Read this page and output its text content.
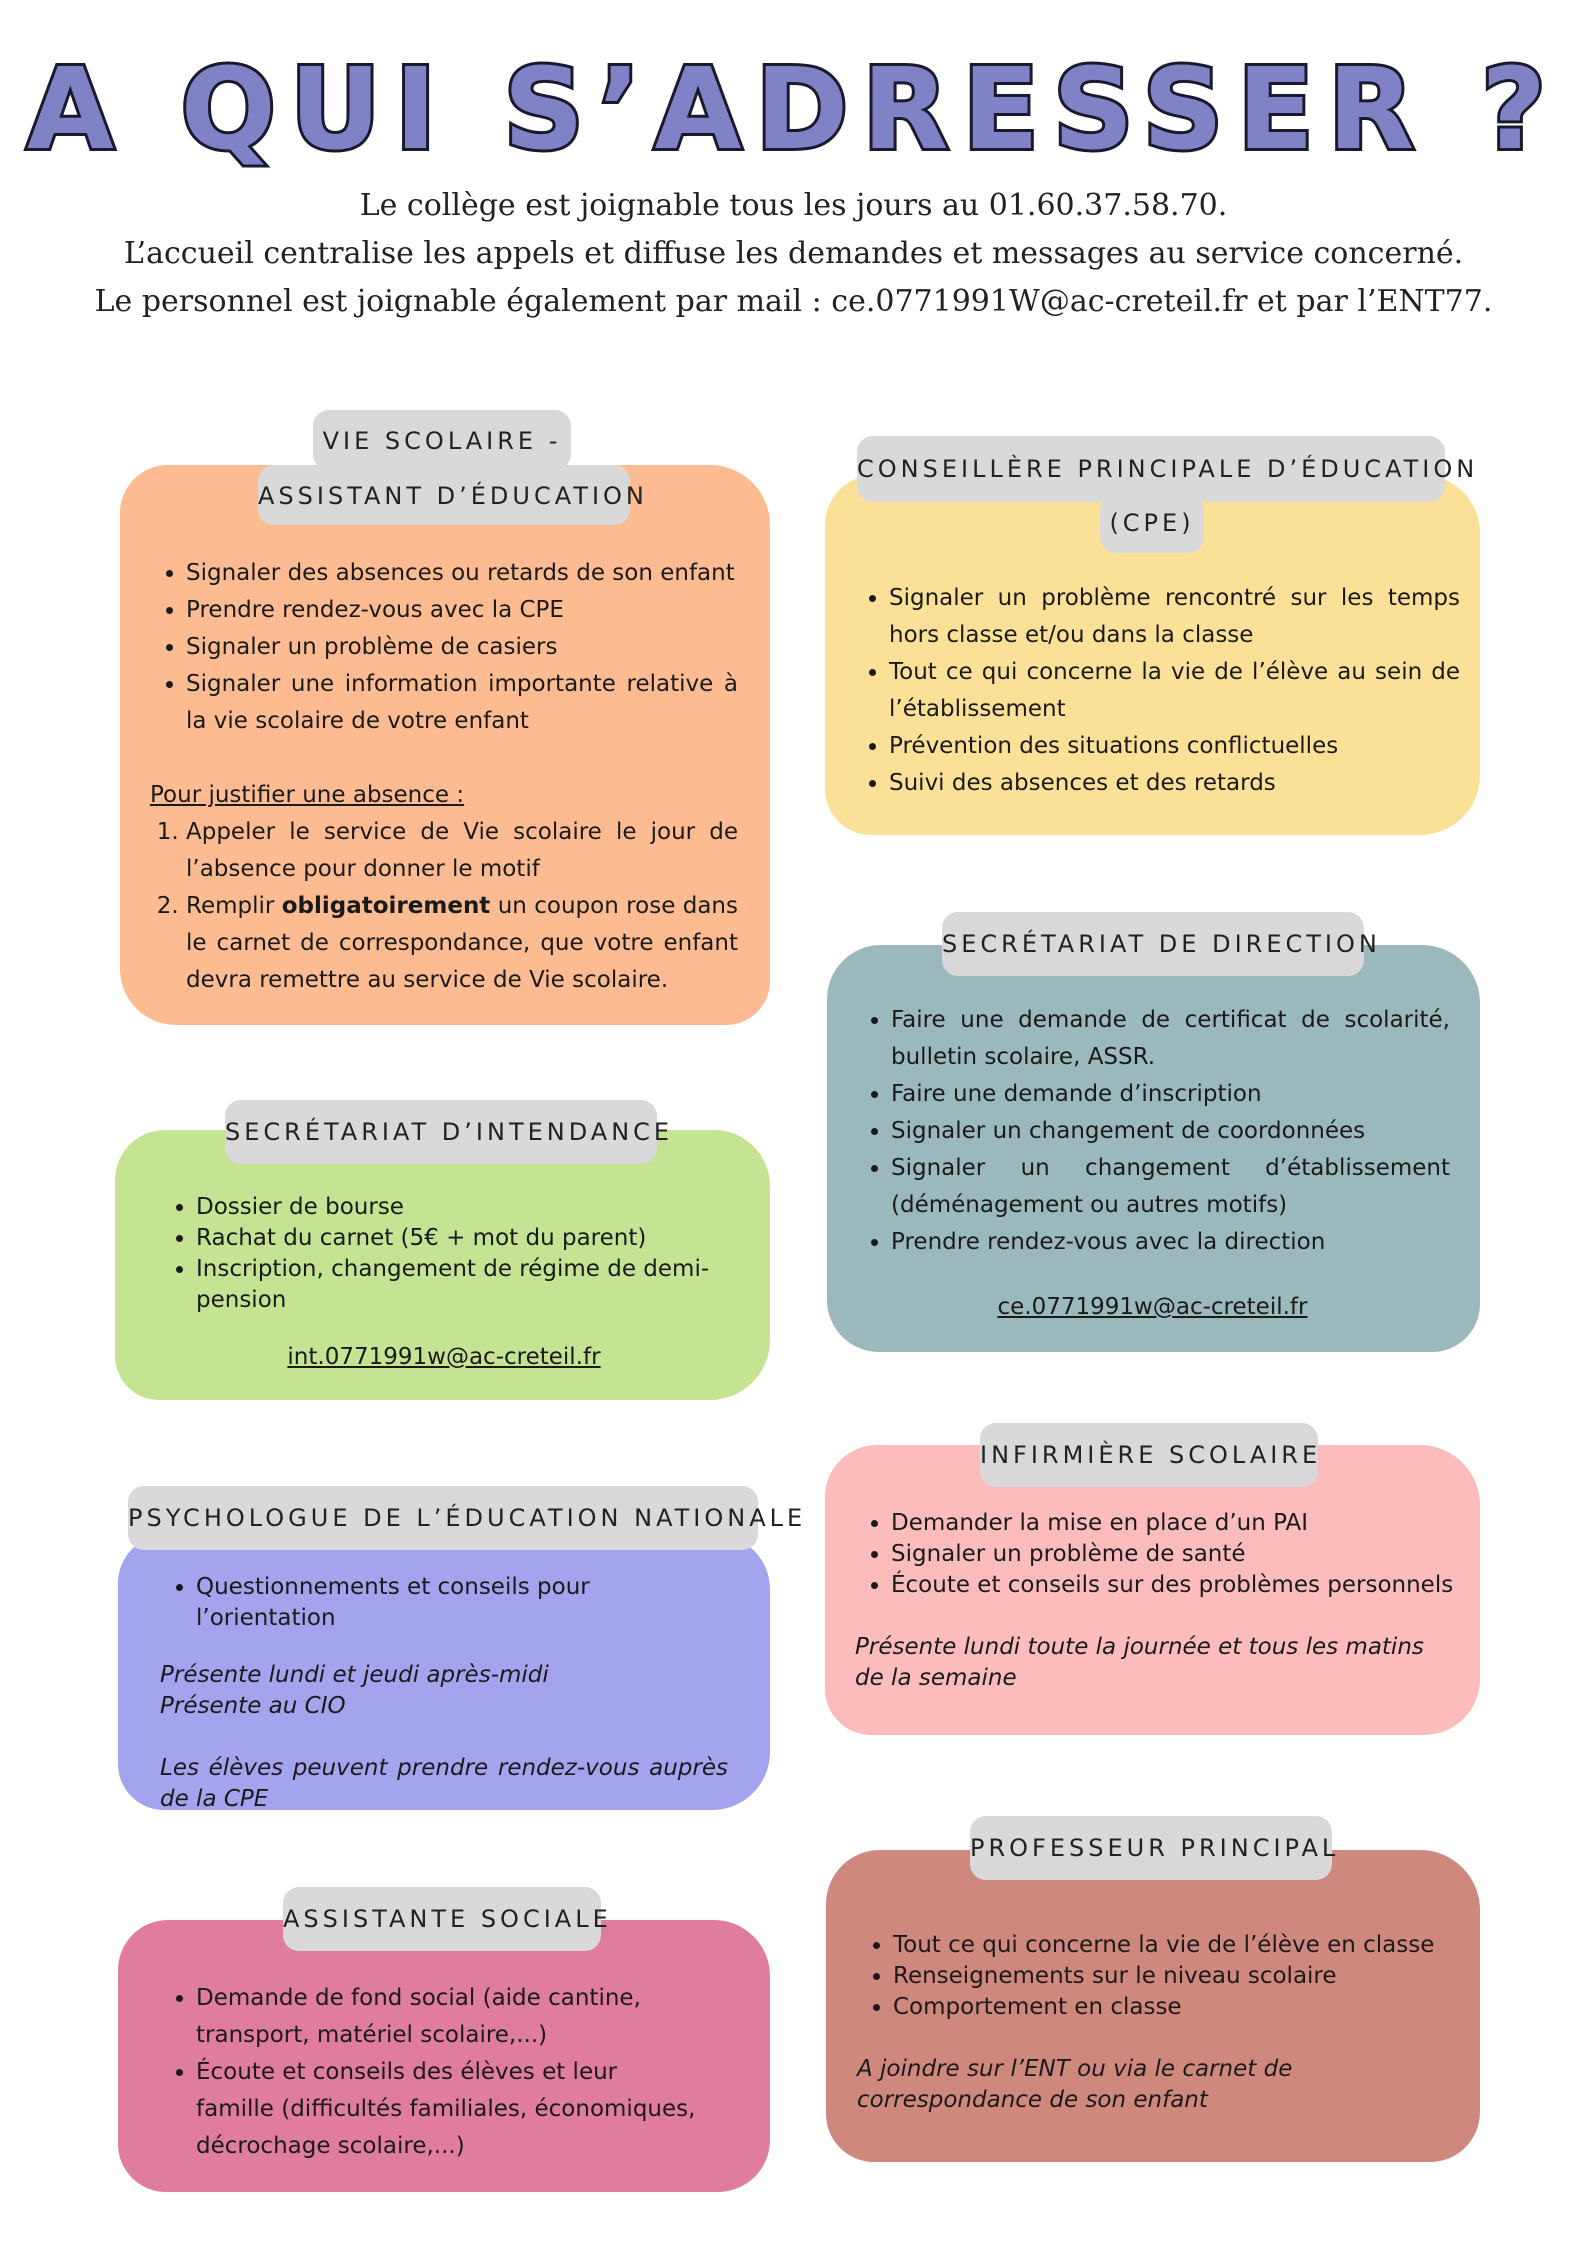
A QUI S’ADRESSER ?
Le collège est joignable tous les jours au 01.60.37.58.70.
L’accueil centralise les appels et diffuse les demandes et messages au service concerné.
Le personnel est joignable également par mail : ce.0771991W@ac-creteil.fr et par l’ENT77.
VIE SCOLAIRE -
ASSISTANT D’ÉDUCATION
• Signaler des absences ou retards de son enfant
• Prendre rendez-vous avec la CPE
• Signaler un problème de casiers
• Signaler une information importante relative à la vie scolaire de votre enfant
Pour justifier une absence :
1. Appeler le service de Vie scolaire le jour de l’absence pour donner le motif
2. Remplir obligatoirement un coupon rose dans le carnet de correspondance, que votre enfant devra remettre au service de Vie scolaire.
CONSEILLÈRE PRINCIPALE D’ÉDUCATION
(CPE)
• Signaler un problème rencontré sur les temps hors classe et/ou dans la classe
• Tout ce qui concerne la vie de l’élève au sein de l’établissement
• Prévention des situations conflictuelles
• Suivi des absences et des retards
SECRÉTARIAT DE DIRECTION
• Faire une demande de certificat de scolarité, bulletin scolaire, ASSR.
• Faire une demande d’inscription
• Signaler un changement de coordonnées
• Signaler un changement d’établissement (déménagement ou autres motifs)
• Prendre rendez-vous avec la direction
ce.0771991w@ac-creteil.fr
SECRÉTARIAT D’INTENDANCE
• Dossier de bourse
• Rachat du carnet (5€ + mot du parent)
• Inscription, changement de régime de demi-pension
int.0771991w@ac-creteil.fr
PSYCHOLOGUE DE L’ÉDUCATION NATIONALE
• Questionnements et conseils pour l’orientation
Présente lundi et jeudi après-midi
Présente au CIO
Les élèves peuvent prendre rendez-vous auprès de la CPE
INFIRMIÈRE SCOLAIRE
• Demander la mise en place d’un PAI
• Signaler un problème de santé
• Écoute et conseils sur des problèmes personnels
Présente lundi toute la journée et tous les matins de la semaine
ASSISTANTE SOCIALE
• Demande de fond social (aide cantine, transport, matériel scolaire,...)
• Écoute et conseils des élèves et leur famille (difficultés familiales, économiques, décrochage scolaire,...)
PROFESSEUR PRINCIPAL
• Tout ce qui concerne la vie de l’élève en classe
• Renseignements sur le niveau scolaire
• Comportement en classe
A joindre sur l’ENT ou via le carnet de correspondance de son enfant
